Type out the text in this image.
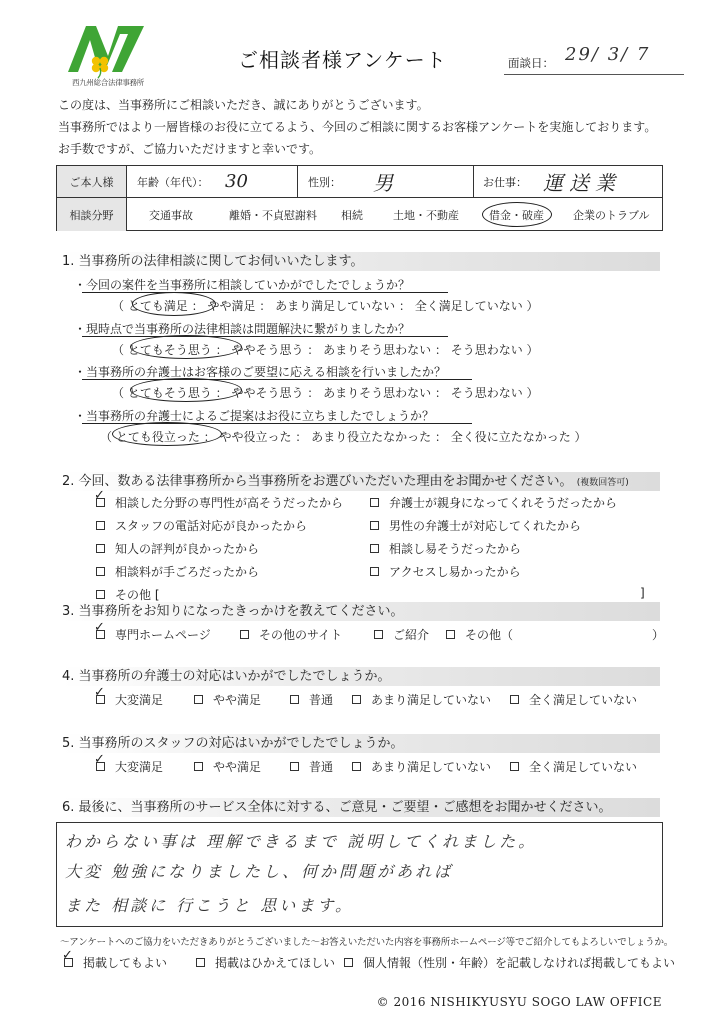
西九州総合法律事務所
ご相談者様アンケート	面談日： 29/ 3/ 7
この度は、当事務所にご相談いただき、誠にありがとうございます。
当事務所ではより一層皆様のお役に立てるよう、今回のご相談に関するお客様アンケートを実施しております。
お手数ですが、ご協力いただけますと幸いです。
ご本人様	年齢（年代）： 30	性別： 男	お仕事： 運送業
相談分野	交通事故	離婚・不貞慰謝料 相続	土地・不動産	借金・破産	企業のトラブル
1. 当事務所の法律相談に関してお伺いいたします。
・今回の案件を当事務所に相談していかがでしたでしょうか？
（ とても満足 ： やや満足 ： あまり満足していない ： 全く満足していない ）
・現時点で当事務所の法律相談は問題解決に繋がりましたか？
（ とてもそう思う ： ややそう思う ： あまりそう思わない ： そう思わない ）
・当事務所の弁護士はお客様のご要望に応える相談を行いましたか？
（ とてもそう思う ： ややそう思う ： あまりそう思わない ： そう思わない ）
・当事務所の弁護士によるご提案はお役に立ちましたでしょうか？
（ とても役立った ： やや役立った ： あまり役立たなかった ： 全く役に立たなかった ）
2. 今回、数ある法律事務所から当事務所をお選びいただいた理由をお聞かせください。 (複数回答可)
相談した分野の専門性が高そうだったから
✓
スタッフの電話対応が良かったから
知人の評判が良かったから
相談料が手ごろだったから
その他 [	]
弁護士が親身になってくれそうだったから
男性の弁護士が対応してくれたから
相談し易そうだったから
アクセスし易かったから
3. 当事務所をお知りになったきっかけを教えてください。
専門ホームページ
✓	その他のサイト	ご紹介	その他（	）
4. 当事務所の弁護士の対応はいかがでしたでしょうか。
大変満足
✓	やや満足	普通	あまり満足していない	全く満足していない
5. 当事務所のスタッフの対応はいかがでしたでしょうか。
大変満足
✓	やや満足	普通	あまり満足していない	全く満足していない
6. 最後に、当事務所のサービス全体に対する、ご意見・ご要望・ご感想をお聞かせください。
わからない事は 理解できるまで 説明してくれました。
大変 勉強になりましたし、何か問題があれば
また 相談に 行こうと 思います。
～アンケートへのご協力をいただきありがとうございました～お答えいただいた内容を事務所ホームページ等でご紹介してもよろしいでしょうか。
掲載してもよい
✓	掲載はひかえてほしい	個人情報（性別・年齢）を記載しなければ掲載してもよい
© 2016 NISHIKYUSYU SOGO LAW OFFICE
